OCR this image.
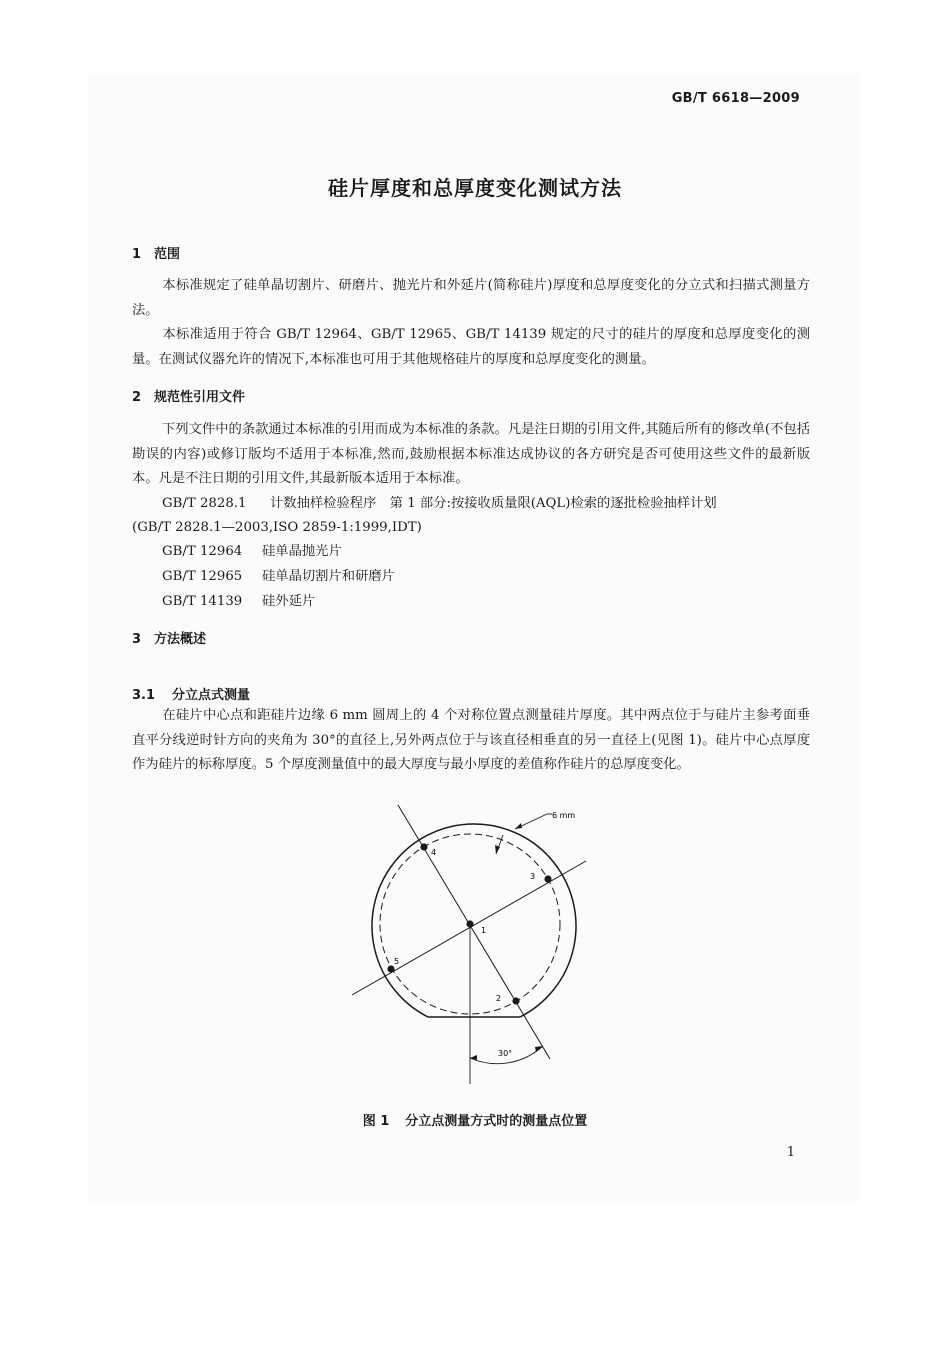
GB/T 6618—2009
硅片厚度和总厚度变化测试方法
1 范围
本标准规定了硅单晶切割片、研磨片、抛光片和外延片(简称硅片)厚度和总厚度变化的分立式和扫描式测量方法。
本标准适用于符合 GB/T 12964、GB/T 12965、GB/T 14139 规定的尺寸的硅片的厚度和总厚度变化的测量。在测试仪器允许的情况下,本标准也可用于其他规格硅片的厚度和总厚度变化的测量。
2 规范性引用文件
下列文件中的条款通过本标准的引用而成为本标准的条款。凡是注日期的引用文件,其随后所有的修改单(不包括勘误的内容)或修订版均不适用于本标准,然而,鼓励根据本标准达成协议的各方研究是否可使用这些文件的最新版本。凡是不注日期的引用文件,其最新版本适用于本标准。
GB/T 2828.1 计数抽样检验程序　第 1 部分:按接收质量限(AQL)检索的逐批检验抽样计划
(GB/T 2828.1—2003,ISO 2859-1:1999,IDT)
GB/T 12964 硅单晶抛光片
GB/T 12965 硅单晶切割片和研磨片
GB/T 14139 硅外延片
3 方法概述
3.1 分立点式测量
在硅片中心点和距硅片边缘 6 mm 圆周上的 4 个对称位置点测量硅片厚度。其中两点位于与硅片主参考面垂直平分线逆时针方向的夹角为 30°的直径上,另外两点位于与该直径相垂直的另一直径上(见图 1)。硅片中心点厚度作为硅片的标称厚度。5 个厚度测量值中的最大厚度与最小厚度的差值称作硅片的总厚度变化。
6 mm
30°
1
2
3
4
5
图 1 分立点测量方式时的测量点位置
1
